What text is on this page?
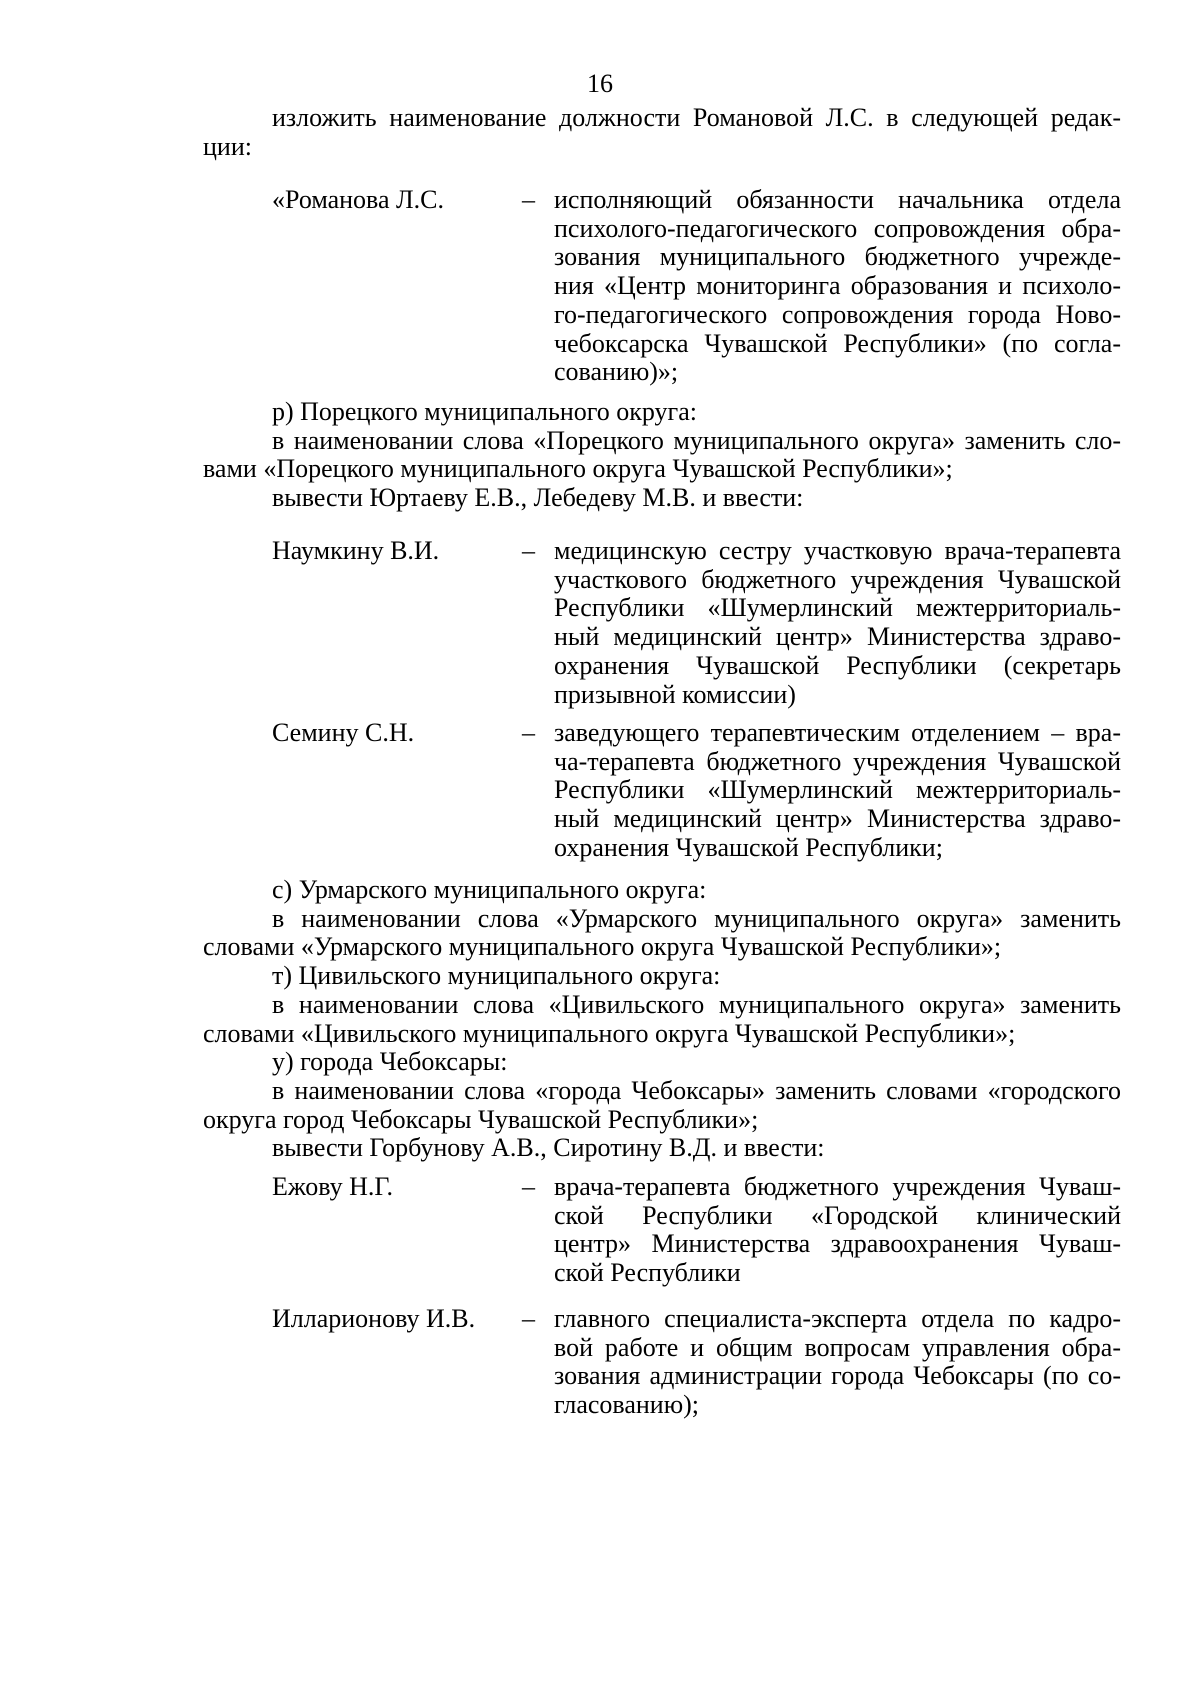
16
изложить наименование должности Романовой Л.С. в следующей редак-
ции:
«Романова Л.С.	– исполняющий обязанности начальника отдела
психолого-педагогического сопровождения обра-
зования муниципального бюджетного учрежде-
ния «Центр мониторинга образования и психоло-
го-педагогического сопровождения города Ново-
чебоксарска Чувашской Республики» (по согла-
сованию)»;
р) Порецкого муниципального округа:
в наименовании слова «Порецкого муниципального округа» заменить сло-
вами «Порецкого муниципального округа Чувашской Республики»;
вывести Юртаеву Е.В., Лебедеву М.В. и ввести:
Наумкину В.И.	– медицинскую сестру участковую врача-терапевта
участкового бюджетного учреждения Чувашской
Республики «Шумерлинский межтерриториаль-
ный медицинский центр» Министерства здраво-
охранения Чувашской Республики (секретарь
призывной комиссии)
Семину С.Н.	– заведующего терапевтическим отделением – вра-
ча-терапевта бюджетного учреждения Чувашской
Республики «Шумерлинский межтерриториаль-
ный медицинский центр» Министерства здраво-
охранения Чувашской Республики;
с) Урмарского муниципального округа:
в наименовании слова «Урмарского муниципального округа» заменить
словами «Урмарского муниципального округа Чувашской Республики»;
т) Цивильского муниципального округа:
в наименовании слова «Цивильского муниципального округа» заменить
словами «Цивильского муниципального округа Чувашской Республики»;
у) города Чебоксары:
в наименовании слова «города Чебоксары» заменить словами «городского
округа город Чебоксары Чувашской Республики»;
вывести Горбунову А.В., Сиротину В.Д. и ввести:
Ежову Н.Г.	– врача-терапевта бюджетного учреждения Чуваш-
ской Республики «Городской клинический
центр» Министерства здравоохранения Чуваш-
ской Республики
Илларионову И.В. – главного специалиста-эксперта отдела по кадро-
вой работе и общим вопросам управления обра-
зования администрации города Чебоксары (по со-
гласованию);
